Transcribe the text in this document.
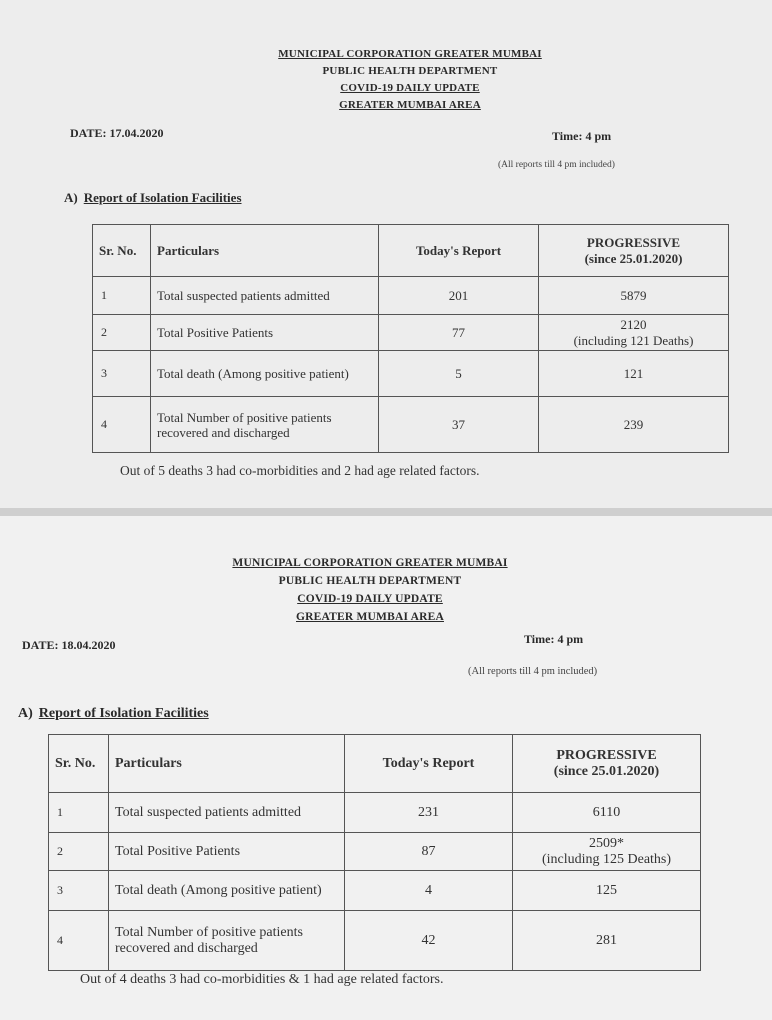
MUNICIPAL CORPORATION GREATER MUMBAI
PUBLIC HEALTH DEPARTMENT
COVID-19 DAILY UPDATE
GREATER MUMBAI AREA
DATE: 17.04.2020	Time: 4 pm
(All reports till 4 pm included)
A) Report of Isolation Facilities
Sr. No.	Particulars	Today's Report	PROGRESSIVE
(since 25.01.2020)

1	Total suspected patients admitted	201	5879
2	Total Positive Patients	77	2120
(including 121 Deaths)

3	Total death (Among positive patient)	5	121
4	Total Number of positive patients recovered and discharged	37	239
Out of 5 deaths 3 had co-morbidities and 2 had age related factors.
MUNICIPAL CORPORATION GREATER MUMBAI
PUBLIC HEALTH DEPARTMENT
COVID-19 DAILY UPDATE
GREATER MUMBAI AREA
DATE: 18.04.2020	Time: 4 pm
(All reports till 4 pm included)
A) Report of Isolation Facilities
Sr. No.	Particulars	Today's Report	PROGRESSIVE
(since 25.01.2020)

1	Total suspected patients admitted	231	6110
2	Total Positive Patients	87	2509*
(including 125 Deaths)

3	Total death (Among positive patient)	4	125
4	Total Number of positive patients recovered and discharged	42	281
Out of 4 deaths 3 had co-morbidities & 1 had age related factors.
